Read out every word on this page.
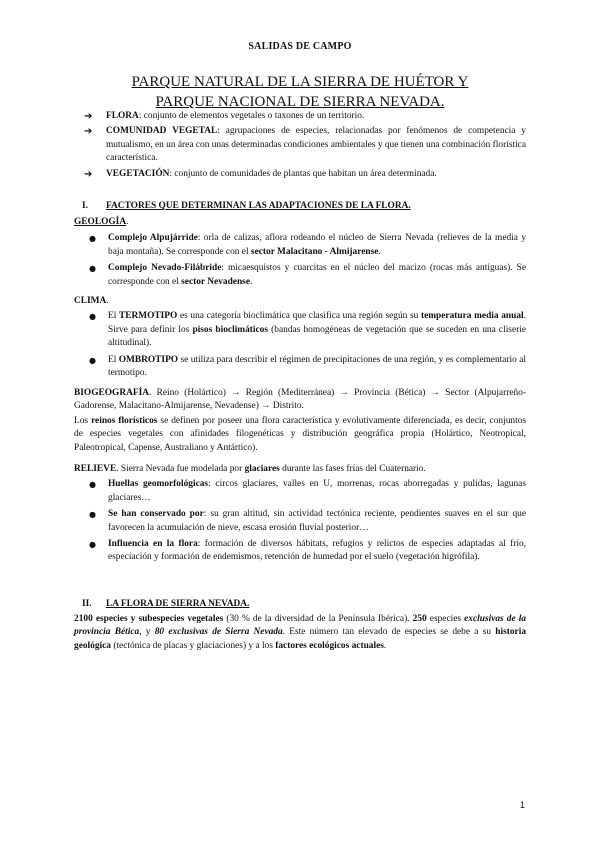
SALIDAS DE CAMPO
PARQUE NATURAL DE LA SIERRA DE HUÉTOR Y
PARQUE NACIONAL DE SIERRA NEVADA.

➔ FLORA: conjunto de elementos vegetales o taxones de un territorio.

➔ COMUNIDAD VEGETAL: agrupaciones de especies, relacionadas por fenómenos de competencia y mutualismo, en un área con unas determinadas condiciones ambientales y que tienen una combinación florística característica.

➔ VEGETACIÓN: conjunto de comunidades de plantas que habitan un área determinada.

I. FACTORES QUE DETERMINAN LAS ADAPTACIONES DE LA FLORA.

GEOLOGÍA.

● Complejo Alpujárride: orla de calizas, aflora rodeando el núcleo de Sierra Nevada (relieves de la media y baja montaña). Se corresponde con el sector Malacitano - Almijarense.

● Complejo Nevado-Filábride: micaesquistos y cuarcitas en el núcleo del macizo (rocas más antiguas). Se corresponde con el sector Nevadense.

CLIMA.

● El TERMOTIPO es una categoría bioclimática que clasifica una región según su temperatura media anual. Sirve para definir los pisos bioclimáticos (bandas homogéneas de vegetación que se suceden en una cliserie altitudinal).

● El OMBROTIPO se utiliza para describir el régimen de precipitaciones de una región, y es complementario al termotipo.

BIOGEOGRAFÍA. Reino (Holártico) → Región (Mediterránea) → Provincia (Bética) → Sector (Alpujarreño-Gadorense, Malacitano-Almijarense, Nevadense) → Distrito.

Los reinos florísticos se definen por poseer una flora característica y evolutivamente diferenciada, es decir, conjuntos de especies vegetales con afinidades filogenéticas y distribución geográfica propia (Holártico, Neotropical, Paleotropical, Capense, Australiano y Antártico).

RELIEVE. Sierra Nevada fue modelada por glaciares durante las fases frías del Cuaternario.

● Huellas geomorfológicas: circos glaciares, valles en U, morrenas, rocas aborregadas y pulidas, lagunas glaciares…

● Se han conservado por: su gran altitud, sin actividad tectónica reciente, pendientes suaves en el sur que favorecen la acumulación de nieve, escasa erosión fluvial posterior…

● Influencia en la flora: formación de diversos hábitats, refugios y relictos de especies adaptadas al frío, especiación y formación de endemismos, retención de humedad por el suelo (vegetación higrófila).

II. LA FLORA DE SIERRA NEVADA.

2100 especies y subespecies vegetales (30 % de la diversidad de la Península Ibérica). 250 especies exclusivas de la provincia Bética, y 80 exclusivas de Sierra Nevada. Este número tan elevado de especies se debe a su historia geológica (tectónica de placas y glaciaciones) y a los factores ecológicos actuales.

1
